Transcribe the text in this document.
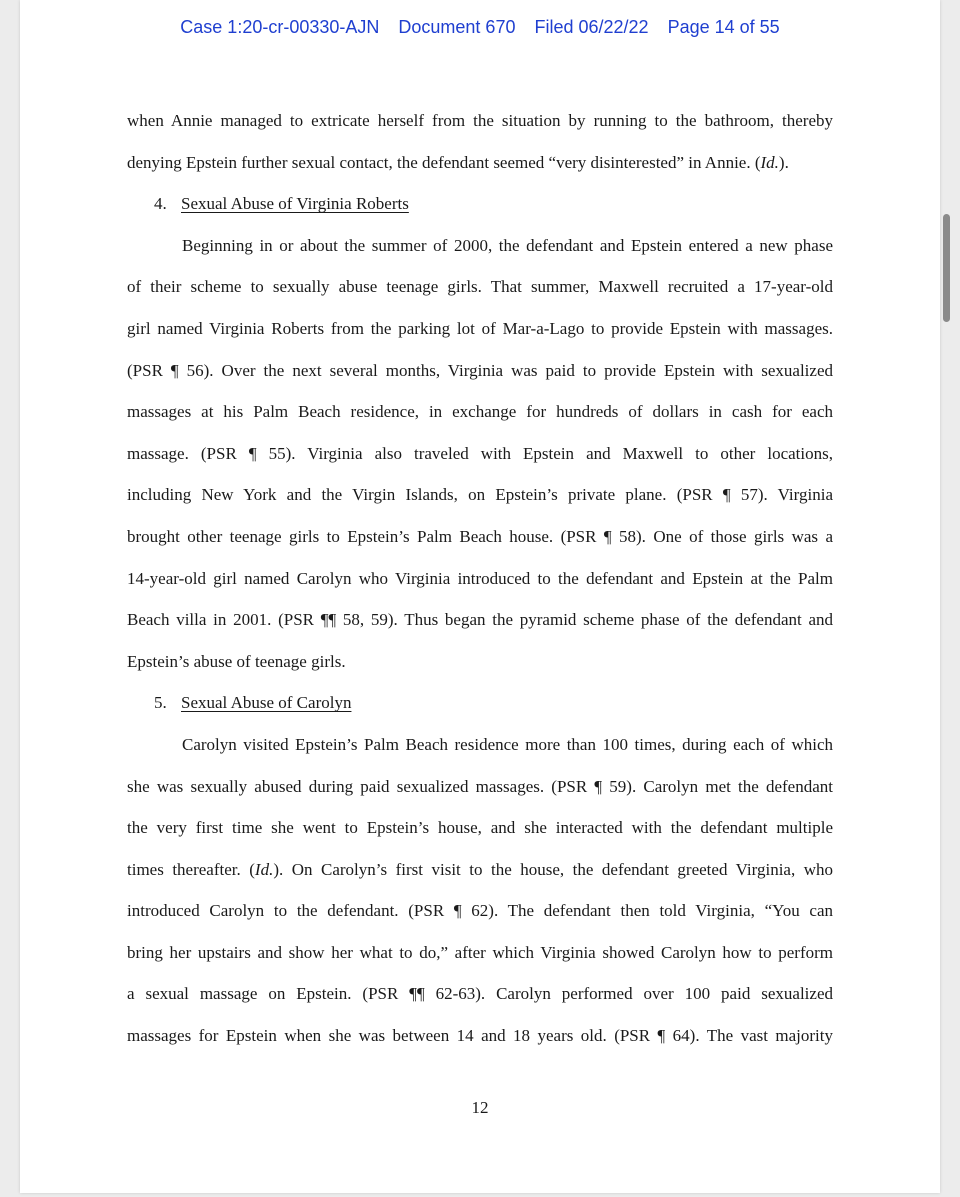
Case 1:20-cr-00330-AJN Document 670 Filed 06/22/22 Page 14 of 55
when Annie managed to extricate herself from the situation by running to the bathroom, thereby
denying Epstein further sexual contact, the defendant seemed “very disinterested” in Annie. (Id.).
4. Sexual Abuse of Virginia Roberts
Beginning in or about the summer of 2000, the defendant and Epstein entered a new phase
of their scheme to sexually abuse teenage girls. That summer, Maxwell recruited a 17-year-old
girl named Virginia Roberts from the parking lot of Mar-a-Lago to provide Epstein with massages.
(PSR ¶ 56). Over the next several months, Virginia was paid to provide Epstein with sexualized
massages at his Palm Beach residence, in exchange for hundreds of dollars in cash for each
massage. (PSR ¶ 55). Virginia also traveled with Epstein and Maxwell to other locations,
including New York and the Virgin Islands, on Epstein’s private plane. (PSR ¶ 57). Virginia
brought other teenage girls to Epstein’s Palm Beach house. (PSR ¶ 58). One of those girls was a
14-year-old girl named Carolyn who Virginia introduced to the defendant and Epstein at the Palm
Beach villa in 2001. (PSR ¶¶ 58, 59). Thus began the pyramid scheme phase of the defendant and
Epstein’s abuse of teenage girls.
5. Sexual Abuse of Carolyn
Carolyn visited Epstein’s Palm Beach residence more than 100 times, during each of which
she was sexually abused during paid sexualized massages. (PSR ¶ 59). Carolyn met the defendant
the very first time she went to Epstein’s house, and she interacted with the defendant multiple
times thereafter. (Id.). On Carolyn’s first visit to the house, the defendant greeted Virginia, who
introduced Carolyn to the defendant. (PSR ¶ 62). The defendant then told Virginia, “You can
bring her upstairs and show her what to do,” after which Virginia showed Carolyn how to perform
a sexual massage on Epstein. (PSR ¶¶ 62-63). Carolyn performed over 100 paid sexualized
massages for Epstein when she was between 14 and 18 years old. (PSR ¶ 64). The vast majority
12
